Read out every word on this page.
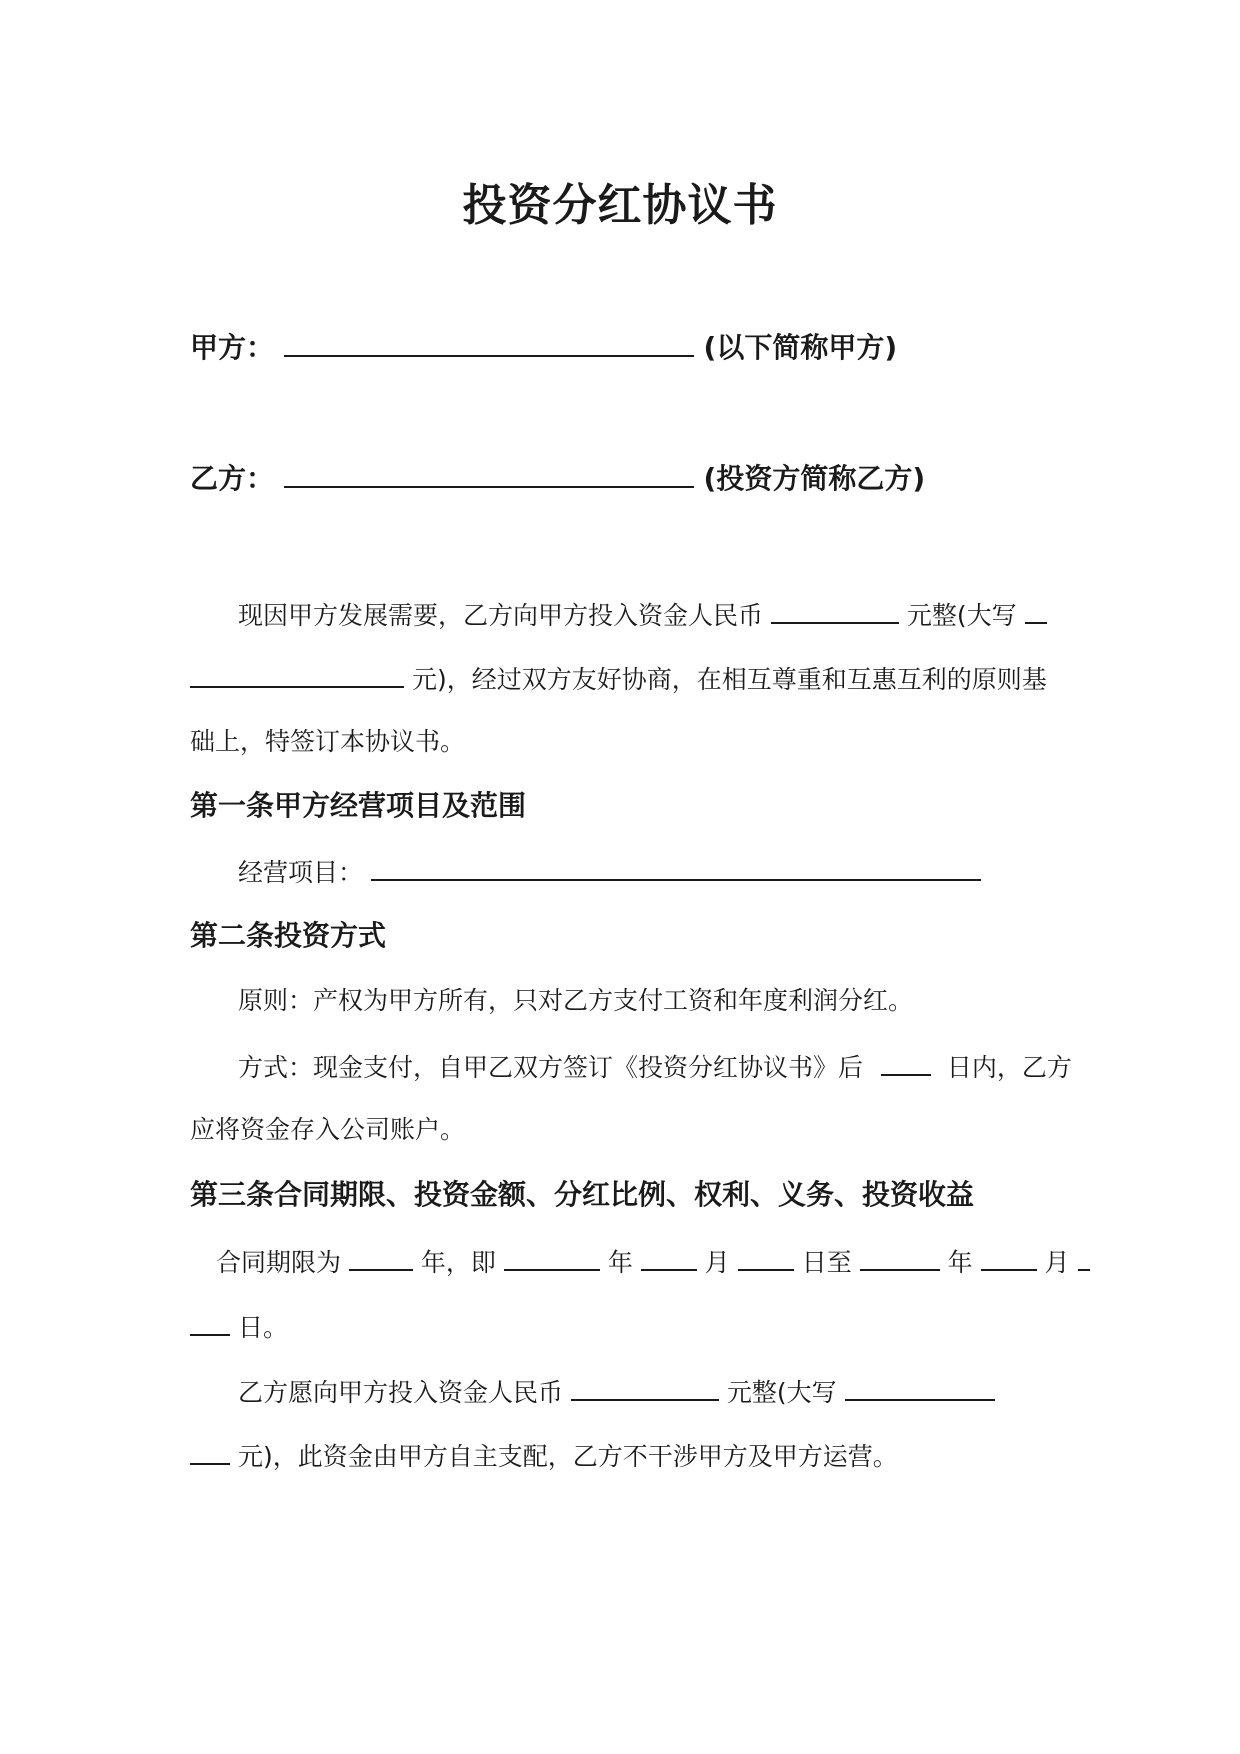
投资分红协议书
甲方：	(以下简称甲方)
乙方：	(投资方简称乙方)
现因甲方发展需要，乙方向甲方投入资金人民币	元整(大写
元)，经过双方友好协商，在相互尊重和互惠互利的原则基
础上，特签订本协议书。
第一条甲方经营项目及范围
经营项目：
第二条投资方式
原则：产权为甲方所有，只对乙方支付工资和年度利润分红。
方式：现金支付，自甲乙双方签订《投资分红协议书》后	日内，乙方
应将资金存入公司账户。
第三条合同期限、投资金额、分红比例、权利、义务、投资收益
合同期限为	年，即	年	月	日至	年	月
日。
乙方愿向甲方投入资金人民币	元整(大写
元)，此资金由甲方自主支配，乙方不干涉甲方及甲方运营。
